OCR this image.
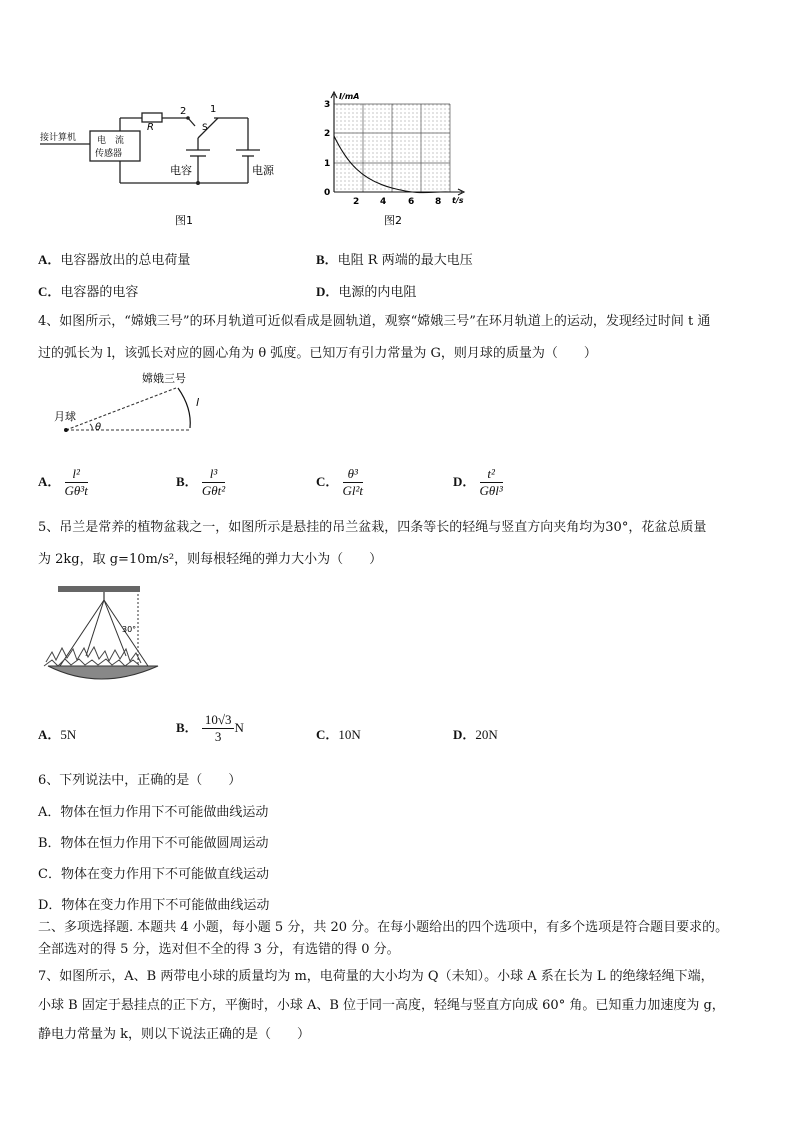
接计算机 电　流
传感器
R
2 1
S
电容	电源
图1
I/mA
t/s
0
1
2
3
2 4 6 8
图2
A．电容器放出的总电荷量	B．电阻 R 两端的最大电压
C．电容器的电容	D．电源的内电阻
4、如图所示，“嫦娥三号”的环月轨道可近似看成是圆轨道，观察“嫦娥三号”在环月轨道上的运动，发现经过时间 t 通
过的弧长为 l，该弧长对应的圆心角为 θ 弧度。已知万有引力常量为 G，则月球的质量为（　　）
月球
嫦娥三号
l
θ
A． $\frac{\text{l²}}{\text{Gθ³t}}$	B． $\frac{\text{l³}}{\text{Gθt²}}$	C． $\frac{\text{θ³}}{\text{Gl²t}}$	D． $\frac{\text{t²}}{\text{Gθl³}}$
5、吊兰是常养的植物盆栽之一，如图所示是悬挂的吊兰盆栽，四条等长的轻绳与竖直方向夹角均为30°，花盆总质量
为 2kg，取 g=10m/s²，则每根轻绳的弹力大小为（　　）
30°
A．5N	B． $\frac{10√3}{3}$ N	C．10N	D．20N
6、下列说法中，正确的是（　　）
A．物体在恒力作用下不可能做曲线运动
B．物体在恒力作用下不可能做圆周运动
C．物体在变力作用下不可能做直线运动
D．物体在变力作用下不可能做曲线运动
二、多项选择题. 本题共 4 小题，每小题 5 分，共 20 分。在每小题给出的四个选项中，有多个选项是符合题目要求的。
全部选对的得 5 分，选对但不全的得 3 分，有选错的得 0 分。
7、如图所示，A、B 两带电小球的质量均为 m，电荷量的大小均为 Q（未知）。小球 A 系在长为 L 的绝缘轻绳下端，
小球 B 固定于悬挂点的正下方，平衡时，小球 A、B 位于同一高度，轻绳与竖直方向成 60° 角。已知重力加速度为 g，
静电力常量为 k，则以下说法正确的是（　　）
